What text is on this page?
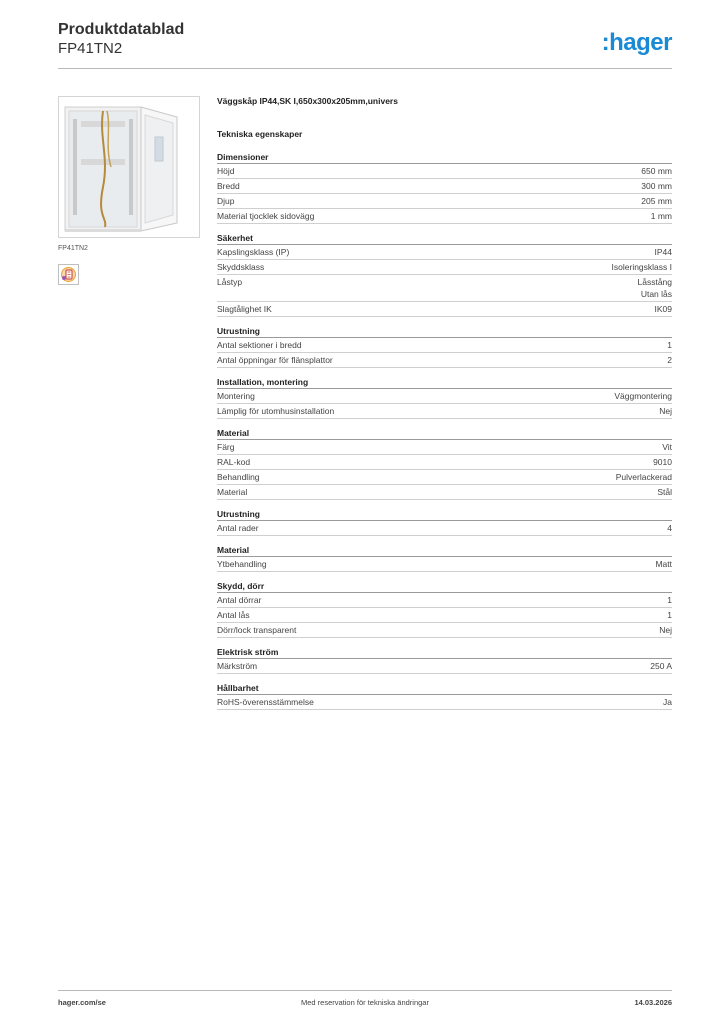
Produktdatablad
FP41TN2	:hager
FP41TN2
Väggskåp IP44,SK I,650x300x205mm,univers
Tekniska egenskaper
Dimensioner
Höjd	650 mm
Bredd	300 mm
Djup	205 mm
Material tjocklek sidovägg	1 mm
Säkerhet
Kapslingsklass (IP)	IP44
Skyddsklass	Isoleringsklass I
Låstyp	Låsstång
Utan lås
Slagtålighet IK	IK09
Utrustning
Antal sektioner i bredd	1
Antal öppningar för flänsplattor	2
Installation, montering
Montering	Väggmontering
Lämplig för utomhusinstallation	Nej
Material
Färg	Vit
RAL-kod	9010
Behandling	Pulverlackerad
Material	Stål
Utrustning
Antal rader	4
Material
Ytbehandling	Matt
Skydd, dörr
Antal dörrar	1
Antal lås	1
Dörr/lock transparent	Nej
Elektrisk ström
Märkström	250 A
Hållbarhet
RoHS-överensstämmelse	Ja
hager.com/se	Med reservation för tekniska ändringar	14.03.2026
